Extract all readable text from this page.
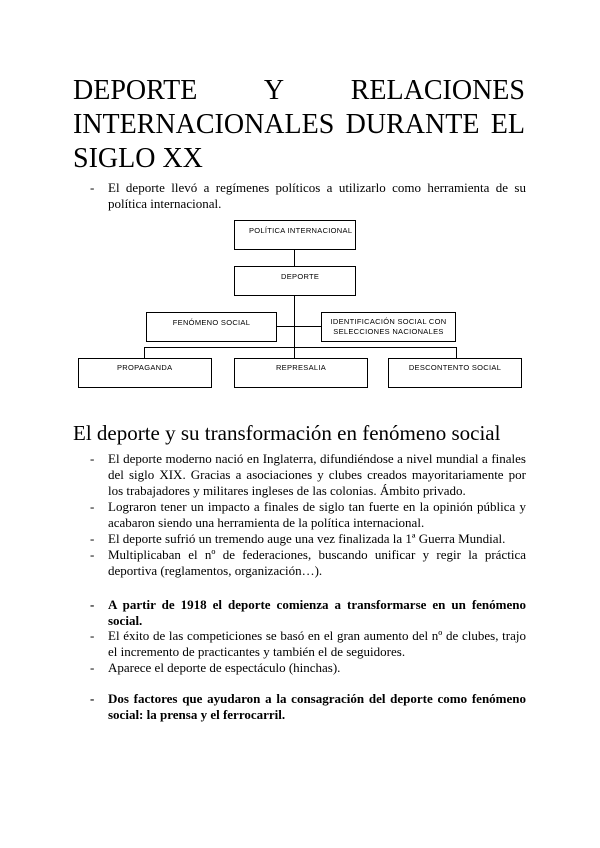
DEPORTE Y RELACIONES
INTERNACIONALES DURANTE EL
SIGLO XX
- El deporte llevó a regímenes políticos a utilizarlo como herramienta de su política internacional.
POLÍTICA INTERNACIONAL
DEPORTE
FENÓMENO SOCIAL	IDENTIFICACIÓN SOCIAL CON SELECCIONES NACIONALES
PROPAGANDA	REPRESALIA	DESCONTENTO SOCIAL
El deporte y su transformación en fenómeno social
- El deporte moderno nació en Inglaterra, difundiéndose a nivel mundial a finales del siglo XIX. Gracias a asociaciones y clubes creados mayoritariamente por los trabajadores y militares ingleses de las colonias. Ámbito privado.
- Lograron tener un impacto a finales de siglo tan fuerte en la opinión pública y acabaron siendo una herramienta de la política internacional.
- El deporte sufrió un tremendo auge una vez finalizada la 1ª Guerra Mundial.
- Multiplicaban el nº de federaciones, buscando unificar y regir la práctica deportiva (reglamentos, organización…).
- A partir de 1918 el deporte comienza a transformarse en un fenómeno social.
- El éxito de las competiciones se basó en el gran aumento del nº de clubes, trajo el incremento de practicantes y también el de seguidores.
- Aparece el deporte de espectáculo (hinchas).
- Dos factores que ayudaron a la consagración del deporte como fenómeno social: la prensa y el ferrocarril.
